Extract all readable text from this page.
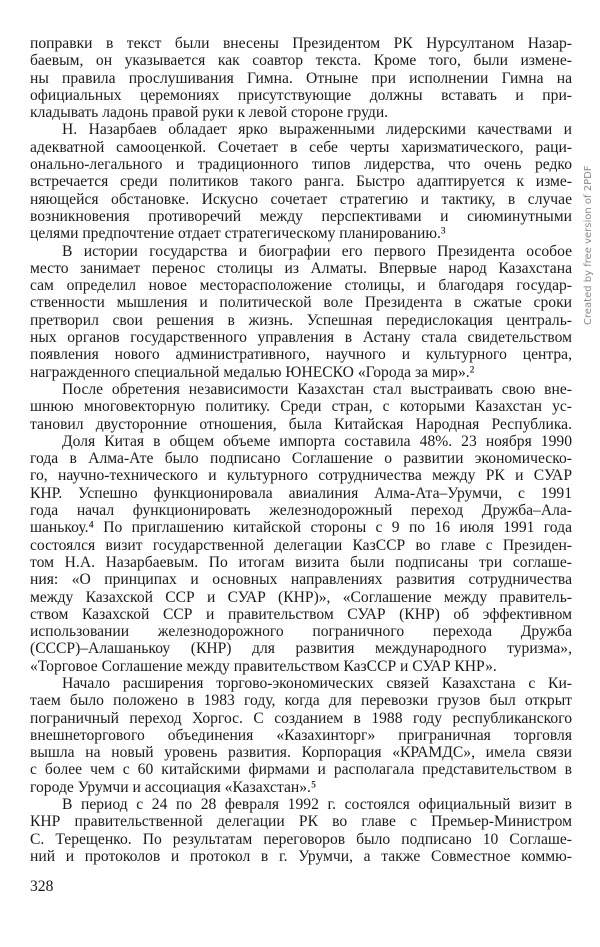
поправки в текст были внесены Президентом РК Нурсултаном Назар-
баевым, он указывается как соавтор текста. Кроме того, были измене-
ны правила прослушивания Гимна. Отныне при исполнении Гимна на
официальных церемониях присутствующие должны вставать и при-
кладывать ладонь правой руки к левой стороне груди.
Н. Назарбаев обладает ярко выраженными лидерскими качествами и
адекватной самооценкой. Сочетает в себе черты харизматического, раци-
онально-легального и традиционного типов лидерства, что очень редко
встречается среди политиков такого ранга. Быстро адаптируется к изме-
няющейся обстановке. Искусно сочетает стратегию и тактику, в случае
возникновения противоречий между перспективами и сиюминутными
целями предпочтение отдает стратегическому планированию.³
В истории государства и биографии его первого Президента особое
место занимает перенос столицы из Алматы. Впервые народ Казахстана
сам определил новое месторасположение столицы, и благодаря государ-
ственности мышления и политической воле Президента в сжатые сроки
претворил свои решения в жизнь. Успешная передислокация централь-
ных органов государственного управления в Астану стала свидетельством
появления нового административного, научного и культурного центра,
награжденного специальной медалью ЮНЕСКО «Города за мир».²
После обретения независимости Казахстан стал выстраивать свою вне-
шнюю многовекторную политику. Среди стран, с которыми Казахстан ус-
тановил двусторонние отношения, была Китайская Народная Республика.
Доля Китая в общем объеме импорта составила 48%. 23 ноября 1990
года в Алма-Ате было подписано Соглашение о развитии экономическо-
го, научно-технического и культурного сотрудничества между РК и СУАР
КНР. Успешно функционировала авиалиния Алма-Ата–Урумчи, с 1991
года начал функционировать железнодорожный переход Дружба–Ала-
шанькоу.⁴ По приглашению китайской стороны с 9 по 16 июля 1991 года
состоялся визит государственной делегации КазССР во главе с Президен-
том Н.А. Назарбаевым. По итогам визита были подписаны три соглаше-
ния: «О принципах и основных направлениях развития сотрудничества
между Казахской ССР и СУАР (КНР)», «Соглашение между правитель-
ством Казахской ССР и правительством СУАР (КНР) об эффективном
использовании железнодорожного пограничного перехода Дружба
(СССР)–Алашанькоу (КНР) для развития международного туризма»,
«Торговое Соглашение между правительством КазССР и СУАР КНР».
Начало расширения торгово-экономических связей Казахстана с Ки-
таем было положено в 1983 году, когда для перевозки грузов был открыт
пограничный переход Хоргос. С созданием в 1988 году республиканского
внешнеторгового объединения «Казахинторг» приграничная торговля
вышла на новый уровень развития. Корпорация «КРАМДС», имела связи
с более чем с 60 китайскими фирмами и располагала представительством в
городе Урумчи и ассоциация «Казахстан».⁵
В период с 24 по 28 февраля 1992 г. состоялся официальный визит в
КНР правительственной делегации РК во главе с Премьер-Министром
С. Терещенко. По результатам переговоров было подписано 10 Соглаше-
ний и протоколов и протокол в г. Урумчи, а также Совместное коммю-
328
Created by free version of 2PDF
